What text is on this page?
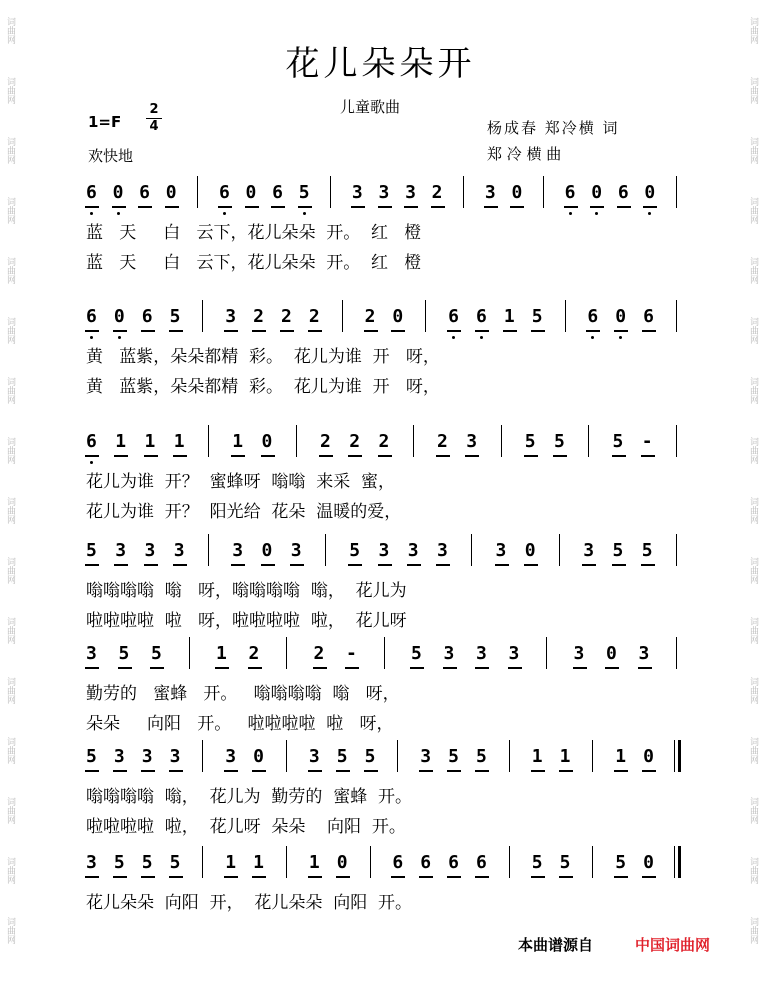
词曲网
词曲网
词曲网
词曲网
词曲网
词曲网
词曲网
词曲网
词曲网
词曲网
词曲网
词曲网
词曲网
词曲网
词曲网
词曲网
词曲网
词曲网
词曲网
词曲网
词曲网
词曲网
词曲网
词曲网
词曲网
词曲网
词曲网
词曲网
词曲网
词曲网
词曲网
词曲网
花儿朵朵开
儿童歌曲
1=F
2
4
欢快地
杨成春 郑冷横 词
郑 冷 横 曲
6 0 6 0 6 0 6 5 3 3 3 2 3 0 6 0 6 0
蓝   天     白   云下，花儿朵朵  开。  红   橙
蓝   天     白   云下，花儿朵朵  开。  红   橙
6 0 6 5 3 2 2 2 2 0 6 6 1 5 6 0 6
黄   蓝紫，朵朵都精  彩。  花儿为谁  开   呀，
黄   蓝紫，朵朵都精  彩。  花儿为谁  开   呀，
6 1 1 1	1 0	2 2 2	2 3	5 5	5 -
花儿为谁  开？  蜜蜂呀  嗡嗡  来采  蜜，
花儿为谁  开？  阳光给  花朵  温暖的爱，
5 3 3 3	3 0 3	5 3 3 3	3 0	3 5 5
嗡嗡嗡嗡  嗡   呀，嗡嗡嗡嗡  嗡，  花儿为
啦啦啦啦  啦   呀，啦啦啦啦  啦，  花儿呀
3 5 5	1 2	2 -	5 3 3 3	3 0 3
勤劳的   蜜蜂   开。   嗡嗡嗡嗡  嗡   呀，
朵朵     向阳   开。   啦啦啦啦  啦   呀，
5 3 3 3 3 0 3 5 5 3 5 5 1 1 1 0
嗡嗡嗡嗡  嗡，  花儿为  勤劳的  蜜蜂  开。
啦啦啦啦  啦，  花儿呀  朵朵    向阳  开。
3 5 5 5 1 1 1 0 6 6 6 6 5 5 5 0
花儿朵朵  向阳  开，  花儿朵朵  向阳  开。
本曲谱源自	中国词曲网
